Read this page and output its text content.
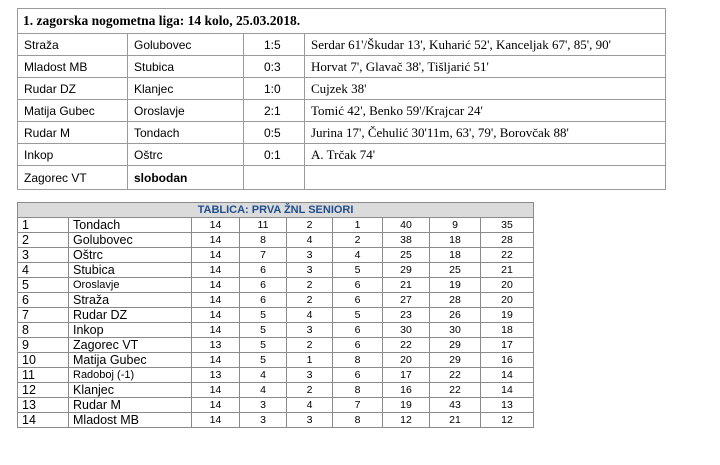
1. zagorska nogometna liga: 14 kolo, 25.03.2018.			
Straža	Golubovec	1:5	Serdar 61'/Škudar 13', Kuharić 52', Kanceljak 67', 85', 90'
Mladost MB	Stubica	0:3	Horvat 7', Glavač 38', Tišljarić 51'
Rudar DZ	Klanjec	1:0	Cujzek 38'
Matija Gubec	Oroslavje	2:1	Tomić 42', Benko 59'/Krajcar 24'
Rudar M	Tondach	0:5	Jurina 17', Čehulić 30'11m, 63', 79', Borovčak 88'
Inkop	Oštrc	0:1	A. Trčak 74'
Zagorec VT	slobodan		
TABLICA: PRVA ŽNL SENIORI								
1	Tondach	14	11	2	1	40	9	35
2	Golubovec	14	8	4	2	38	18	28
3	Oštrc	14	7	3	4	25	18	22
4	Stubica	14	6	3	5	29	25	21
5	Oroslavje	14	6	2	6	21	19	20
6	Straža	14	6	2	6	27	28	20
7	Rudar DZ	14	5	4	5	23	26	19
8	Inkop	14	5	3	6	30	30	18
9	Zagorec VT	13	5	2	6	22	29	17
10	Matija Gubec	14	5	1	8	20	29	16
11	Radoboj (-1)	13	4	3	6	17	22	14
12	Klanjec	14	4	2	8	16	22	14
13	Rudar M	14	3	4	7	19	43	13
14	Mladost MB	14	3	3	8	12	21	12
